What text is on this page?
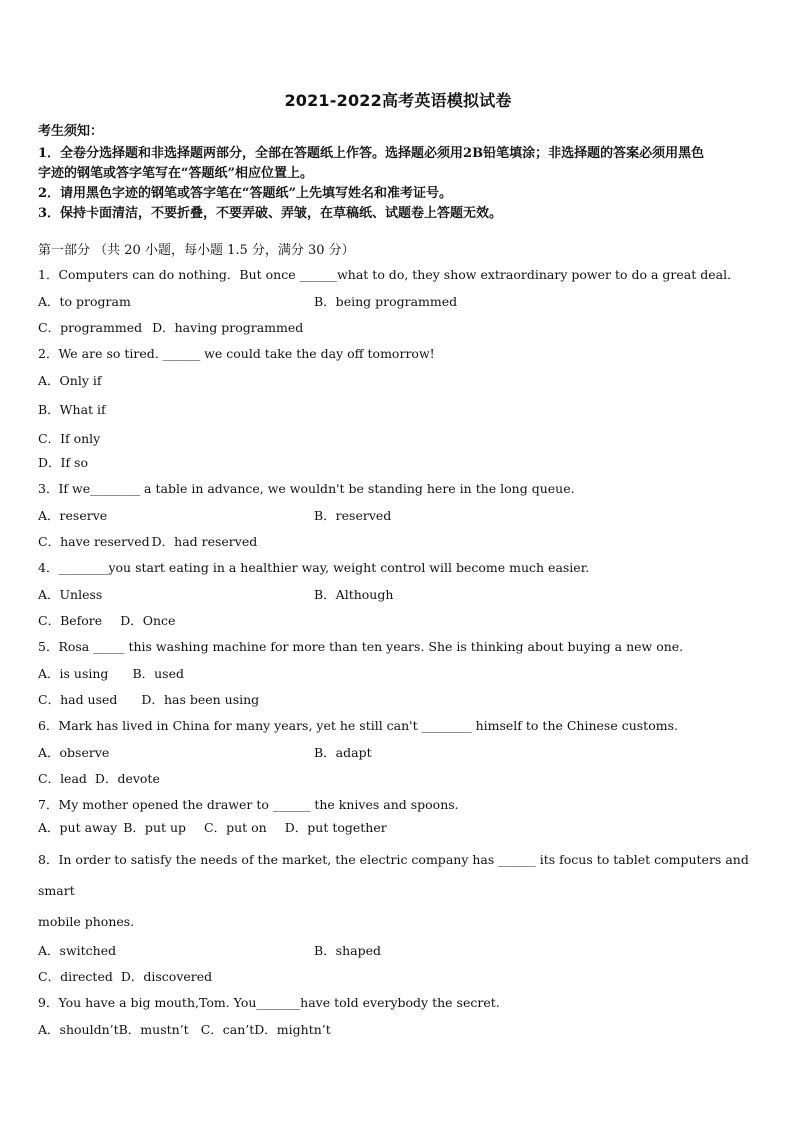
2021-2022高考英语模拟试卷

考生须知：

1．全卷分选择题和非选择题两部分，全部在答题纸上作答。选择题必须用2B铅笔填涂；非选择题的答案必须用黑色

字迹的钢笔或答字笔写在“答题纸”相应位置上。

2．请用黑色字迹的钢笔或答字笔在“答题纸”上先填写姓名和准考证号。

3．保持卡面清洁，不要折叠，不要弄破、弄皱，在草稿纸、试题卷上答题无效。

第一部分 （共 20 小题，每小题 1.5 分，满分 30 分）

1．Computers can do nothing．But once ______what to do, they show extraordinary power to do a great deal．

A．to program	B．being programmed
C．programmed D．having programmed

2．We are so tired. ______ we could take the day off tomorrow!

A．Only if
B．What if
C．If only
D．If so

3．If we________ a table in advance, we wouldn't be standing here in the long queue.

A．reserve	B．reserved
C．have reserved D．had reserved

4．________you start eating in a healthier way, weight control will become much easier.

A．Unless	B．Although
C．Before D．Once

5．Rosa _____ this washing machine for more than ten years. She is thinking about buying a new one.

A．is using B．used
C．had used D．has been using

6．Mark has lived in China for many years, yet he still can't ________ himself to the Chinese customs.

A．observe	B．adapt
C．lead D．devote

7．My mother opened the drawer to ______ the knives and spoons.

A．put away B．put up C．put on D．put together

8．In order to satisfy the needs of the market, the electric company has ______ its focus to tablet computers and smart
mobile phones.

A．switched	B．shaped
C．directed D．discovered

9．You have a big mouth,Tom. You_______have told everybody the secret.

A．shouldn’t B．mustn’t C．can’t D．mightn’t
